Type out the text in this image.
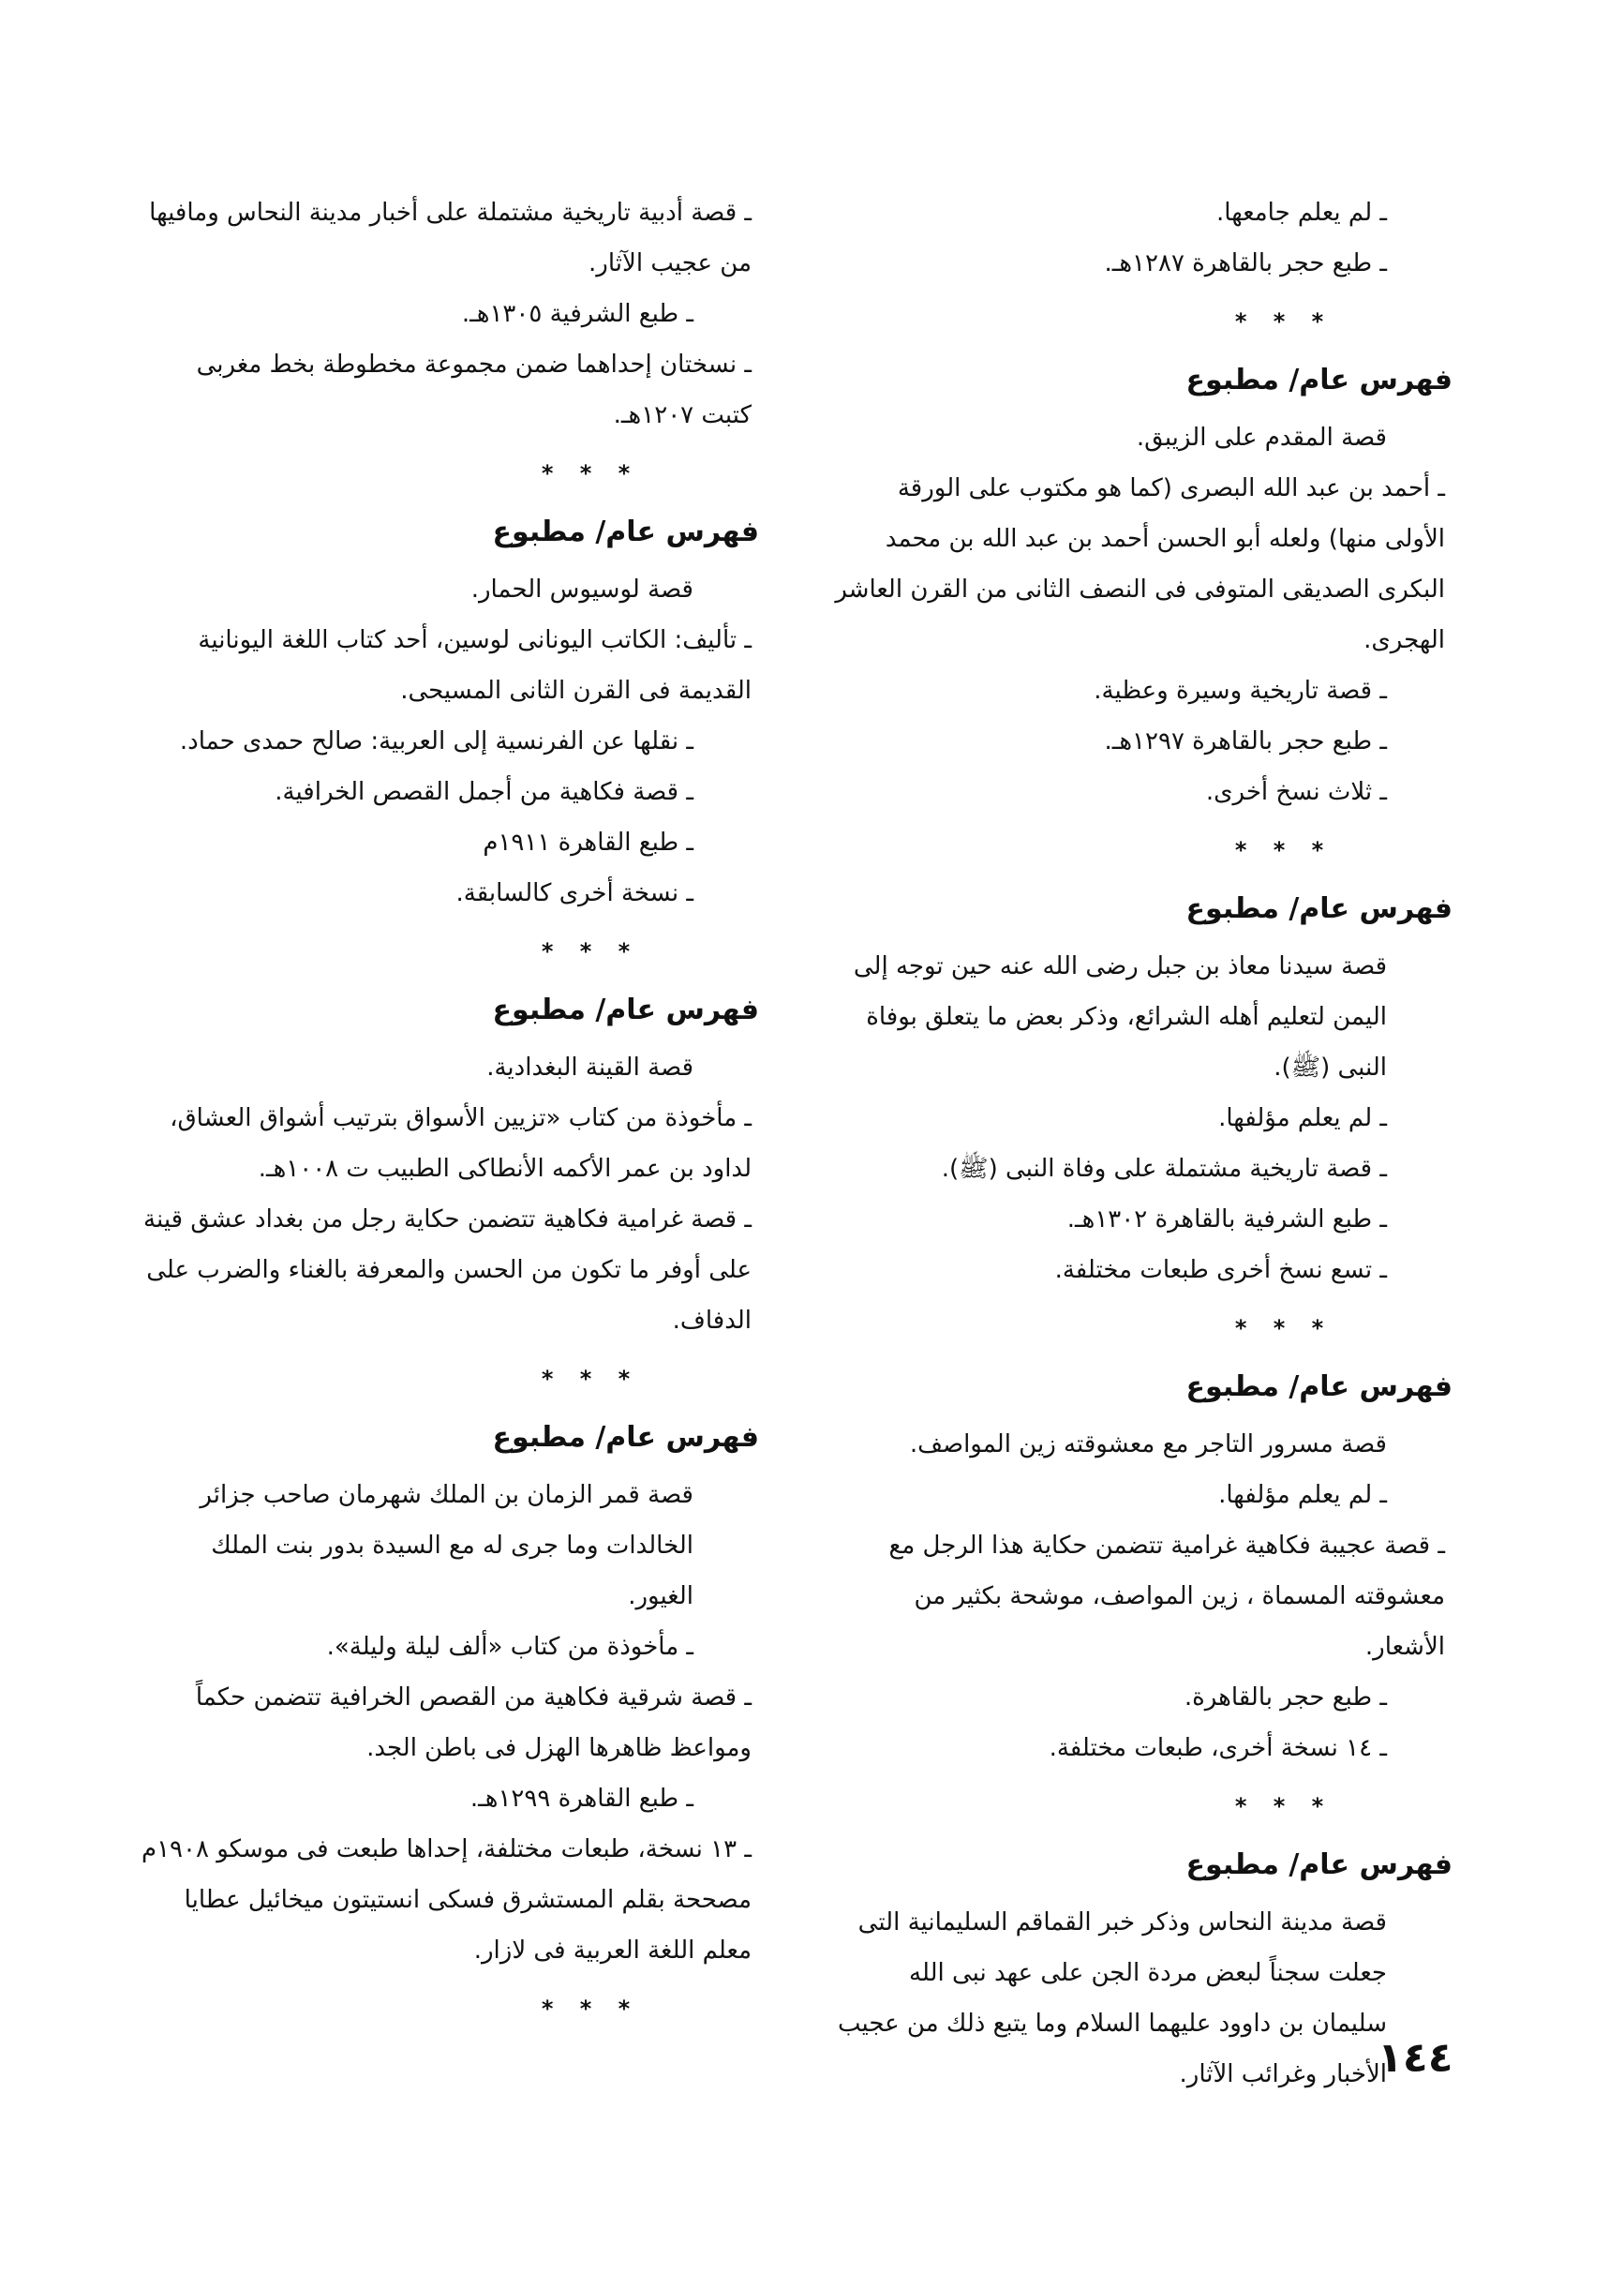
ـ لم يعلم جامعها.
ـ طبع حجر بالقاهرة ١٢٨٧هـ.
* * *
فهرس عام/ مطبوع
قصة المقدم على الزيبق.
ـ أحمد بن عبد الله البصرى (كما هو مكتوب على الورقة الأولى منها) ولعله أبو الحسن أحمد بن عبد الله بن محمد البكرى الصديقى المتوفى فى النصف الثانى من القرن العاشر الهجرى.
ـ قصة تاريخية وسيرة وعظية.
ـ طبع حجر بالقاهرة ١٢٩٧هـ.
ـ ثلاث نسخ أخرى.
* * *
فهرس عام/ مطبوع
قصة سيدنا معاذ بن جبل رضى الله عنه حين توجه إلى اليمن لتعليم أهله الشرائع، وذكر بعض ما يتعلق بوفاة النبى (ﷺ).
ـ لم يعلم مؤلفها.
ـ قصة تاريخية مشتملة على وفاة النبى (ﷺ).
ـ طبع الشرفية بالقاهرة ١٣٠٢هـ.
ـ تسع نسخ أخرى طبعات مختلفة.
* * *
فهرس عام/ مطبوع
قصة مسرور التاجر مع معشوقته زين المواصف.
ـ لم يعلم مؤلفها.
ـ قصة عجيبة فكاهية غرامية تتضمن حكاية هذا الرجل مع معشوقته المسماة ، زين المواصف، موشحة بكثير من الأشعار.
ـ طبع حجر بالقاهرة.
ـ ١٤ نسخة أخرى، طبعات مختلفة.
* * *
فهرس عام/ مطبوع
قصة مدينة النحاس وذكر خبر القماقم السليمانية التى جعلت سجناً لبعض مردة الجن على عهد نبى الله سليمان بن داوود عليهما السلام وما يتبع ذلك من عجيب الأخبار وغرائب الآثار.
ـ قصة أدبية تاريخية مشتملة على أخبار مدينة النحاس ومافيها من عجيب الآثار.
ـ طبع الشرفية ١٣٠٥هـ.
ـ نسختان إحداهما ضمن مجموعة مخطوطة بخط مغربى كتبت ١٢٠٧هـ.
* * *
فهرس عام/ مطبوع
قصة لوسيوس الحمار.
ـ تأليف: الكاتب اليونانى لوسين، أحد كتاب اللغة اليونانية القديمة فى القرن الثانى المسيحى.
ـ نقلها عن الفرنسية إلى العربية: صالح حمدى حماد.
ـ قصة فكاهية من أجمل القصص الخرافية.
ـ طبع القاهرة ١٩١١م
ـ نسخة أخرى كالسابقة.
* * *
فهرس عام/ مطبوع
قصة القينة البغدادية.
ـ مأخوذة من كتاب «تزيين الأسواق بترتيب أشواق العشاق، لداود بن عمر الأكمه الأنطاكى الطبيب ت ١٠٠٨هـ.
ـ قصة غرامية فكاهية تتضمن حكاية رجل من بغداد عشق قينة على أوفر ما تكون من الحسن والمعرفة بالغناء والضرب على الدفاف.
* * *
فهرس عام/ مطبوع
قصة قمر الزمان بن الملك شهرمان صاحب جزائر الخالدات وما جرى له مع السيدة بدور بنت الملك الغيور.
ـ مأخوذة من كتاب «ألف ليلة وليلة».
ـ قصة شرقية فكاهية من القصص الخرافية تتضمن حكماً ومواعظ ظاهرها الهزل فى باطن الجد.
ـ طبع القاهرة ١٢٩٩هـ.
ـ ١٣ نسخة، طبعات مختلفة، إحداها طبعت فى موسكو ١٩٠٨م مصححة بقلم المستشرق فسكى انستيتون ميخائيل عطايا معلم اللغة العربية فى لازار.
* * *
١٤٤
